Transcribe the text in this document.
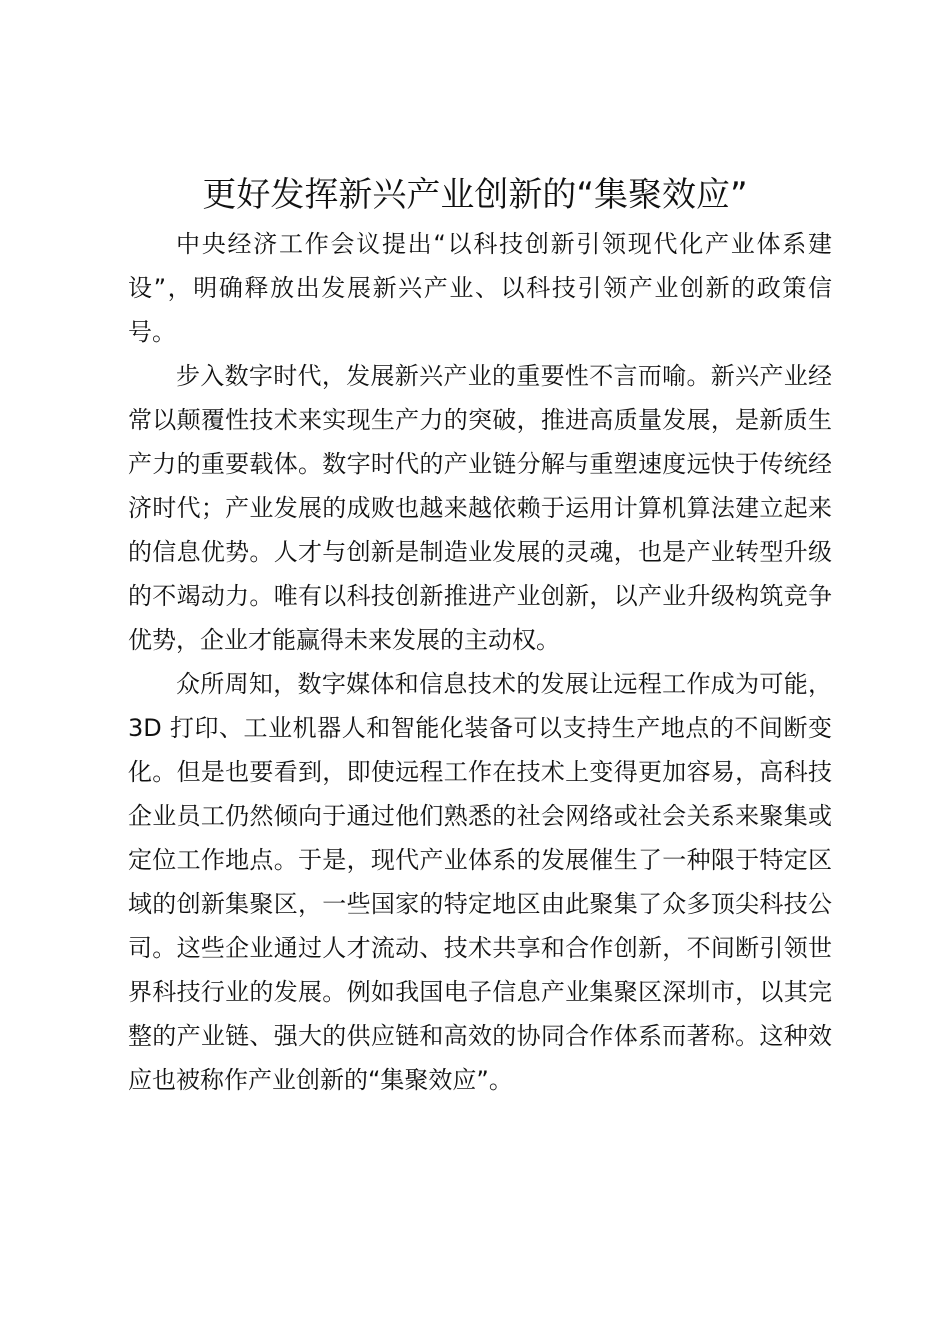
更好发挥新兴产业创新的“集聚效应”

中央经济工作会议提出“以科技创新引领现代化产业体系建设”，明确释放出发展新兴产业、以科技引领产业创新的政策信号。

步入数字时代，发展新兴产业的重要性不言而喻。新兴产业经常以颠覆性技术来实现生产力的突破，推进高质量发展，是新质生产力的重要载体。数字时代的产业链分解与重塑速度远快于传统经济时代；产业发展的成败也越来越依赖于运用计算机算法建立起来的信息优势。人才与创新是制造业发展的灵魂，也是产业转型升级的不竭动力。唯有以科技创新推进产业创新，以产业升级构筑竞争优势，企业才能赢得未来发展的主动权。

众所周知，数字媒体和信息技术的发展让远程工作成为可能，3D 打印、工业机器人和智能化装备可以支持生产地点的不间断变化。但是也要看到，即使远程工作在技术上变得更加容易，高科技企业员工仍然倾向于通过他们熟悉的社会网络或社会关系来聚集或定位工作地点。于是，现代产业体系的发展催生了一种限于特定区域的创新集聚区，一些国家的特定地区由此聚集了众多顶尖科技公司。这些企业通过人才流动、技术共享和合作创新，不间断引领世界科技行业的发展。例如我国电子信息产业集聚区深圳市，以其完整的产业链、强大的供应链和高效的协同合作体系而著称。这种效应也被称作产业创新的“集聚效应”。
